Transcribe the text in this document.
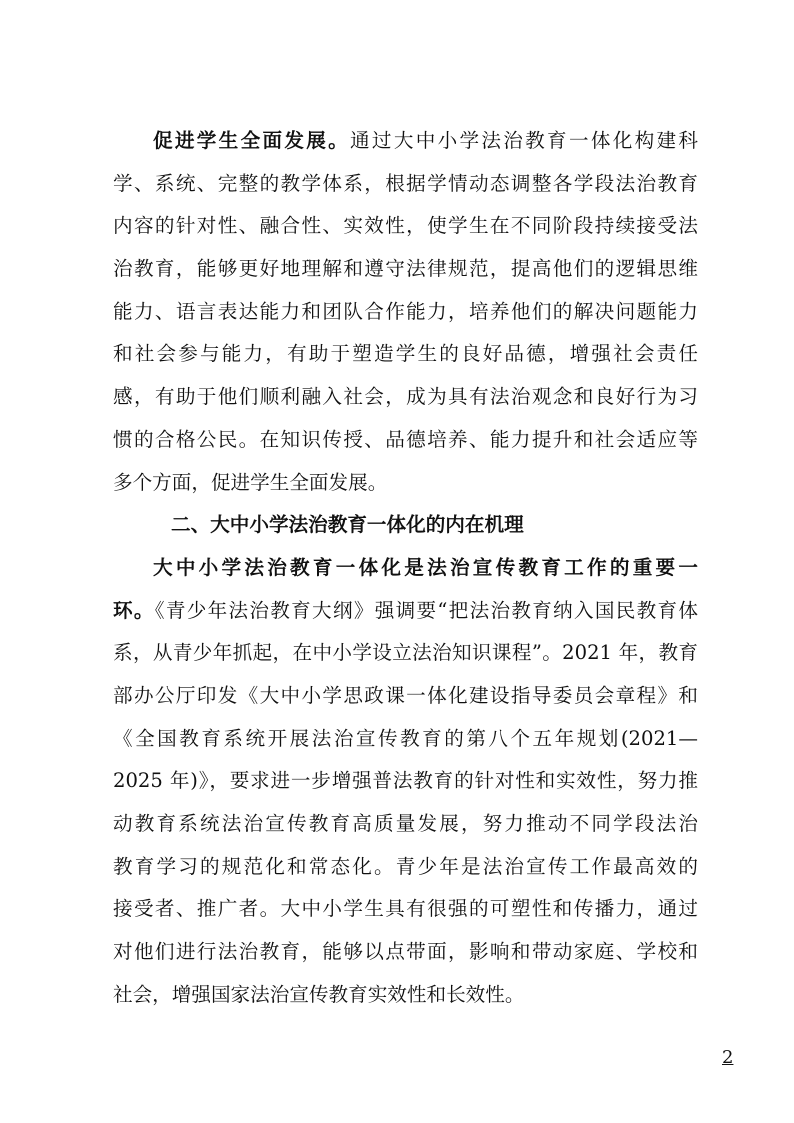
促进学生全面发展。通过大中小学法治教育一体化构建科
学、系统、完整的教学体系，根据学情动态调整各学段法治教育
内容的针对性、融合性、实效性，使学生在不同阶段持续接受法
治教育，能够更好地理解和遵守法律规范，提高他们的逻辑思维
能力、语言表达能力和团队合作能力，培养他们的解决问题能力
和社会参与能力，有助于塑造学生的良好品德，增强社会责任
感，有助于他们顺利融入社会，成为具有法治观念和良好行为习
惯的合格公民。在知识传授、品德培养、能力提升和社会适应等
多个方面，促进学生全面发展。
二、大中小学法治教育一体化的内在机理
大中小学法治教育一体化是法治宣传教育工作的重要一
环。《青少年法治教育大纲》强调要“把法治教育纳入国民教育体
系，从青少年抓起，在中小学设立法治知识课程”。2021 年，教育
部办公厅印发《大中小学思政课一体化建设指导委员会章程》和
《全国教育系统开展法治宣传教育的第八个五年规划(2021—
2025 年)》，要求进一步增强普法教育的针对性和实效性，努力推
动教育系统法治宣传教育高质量发展，努力推动不同学段法治
教育学习的规范化和常态化。青少年是法治宣传工作最高效的
接受者、推广者。大中小学生具有很强的可塑性和传播力，通过
对他们进行法治教育，能够以点带面，影响和带动家庭、学校和
社会，增强国家法治宣传教育实效性和长效性。
2
